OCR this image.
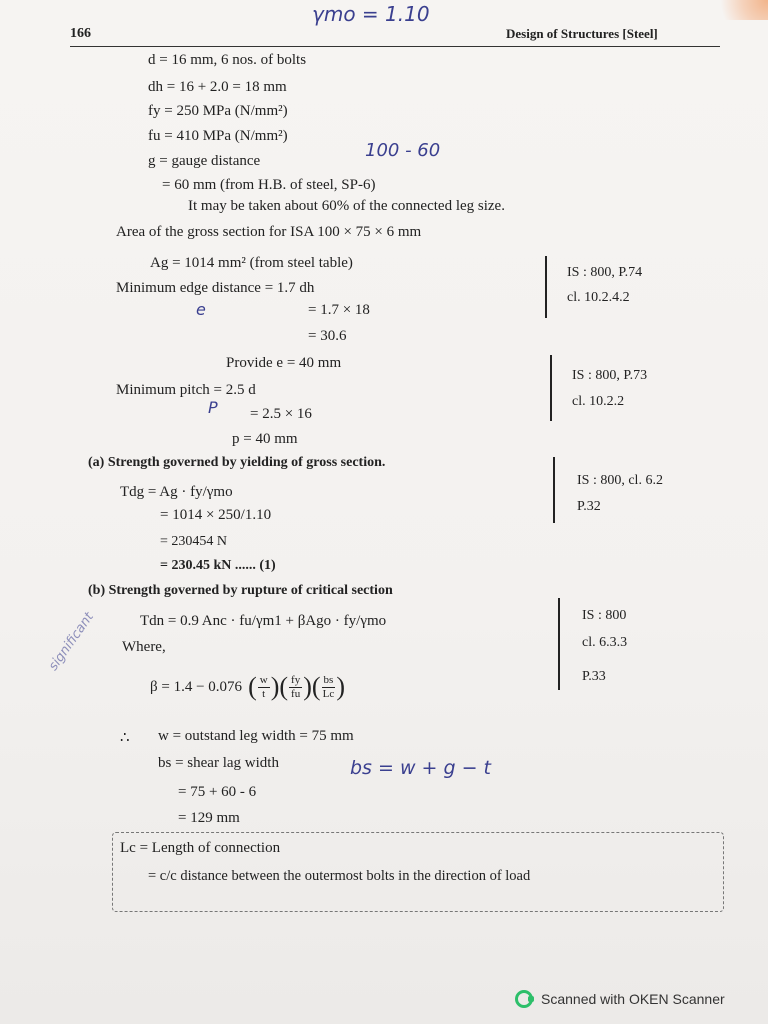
166
γmo = 1.10
Design of Structures [Steel]
d = 16 mm, 6 nos. of bolts
dh = 16 + 2.0 = 18 mm
fy = 250 MPa (N/mm²)
fu = 410 MPa (N/mm²)
g = gauge distance	100 - 60
= 60 mm (from H.B. of steel, SP-6)
It may be taken about 60% of the connected leg size.
Area of the gross section for ISA 100 × 75 × 6 mm
Ag = 1014 mm² (from steel table)
Minimum edge distance = 1.7 dh
e	= 1.7 × 18
= 30.6
Provide e = 40 mm
IS : 800, P.74
cl. 10.2.4.2
Minimum pitch = 2.5 d
P = 2.5 × 16
p = 40 mm
IS : 800, P.73
cl. 10.2.2
(a) Strength governed by yielding of gross section.
Tdg = Ag · fy/γmo
= 1014 × 250/1.10
= 230454 N
= 230.45 kN ...... (1)
IS : 800, cl. 6.2
P.32
(b) Strength governed by rupture of critical section
Tdn = 0.9 Anc · fu/γm1 + βAgo · fy/γmo
Where,
significant
β = 1.4 − 0.076 ( $\frac{w}{t}$ ) ( $\frac{fy}{fu}$ ) ( $\frac{bs}{Lc}$ )
∴ w = outstand leg width = 75 mm
bs = shear lag width	bs = w + g − t
= 75 + 60 - 6
= 129 mm
IS : 800
cl. 6.3.3
P.33
Lc = Length of connection
= c/c distance between the outermost bolts in the direction of load
Scanned with OKEN Scanner
